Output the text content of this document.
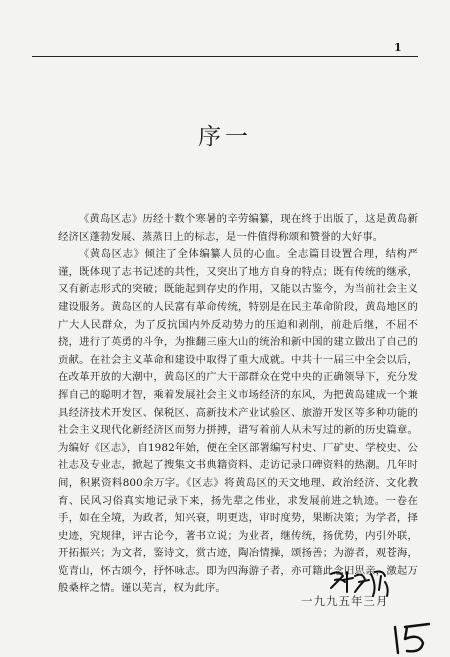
1
序一

《黄岛区志》历经十数个寒暑的辛劳编纂，现在终于出版了，这是黄岛新经济区蓬勃发展、蒸蒸日上的标志，是一件值得称颂和赞誉的大好事。

《黄岛区志》倾注了全体编纂人员的心血。全志篇目设置合理，结构严谨，既体现了志书记述的共性，又突出了地方自身的特点；既有传统的继承，又有新志形式的突破；既能起到存史的作用，又能以古鉴今，为当前社会主义建设服务。黄岛区的人民富有革命传统，特别是在民主革命阶段，黄岛地区的广大人民群众，为了反抗国内外反动势力的压迫和剥削，前赴后继，不屈不挠，进行了英勇的斗争，为推翻三座大山的统治和新中国的建立做出了自己的贡献。在社会主义革命和建设中取得了重大成就。中共十一届三中全会以后，在改革开放的大潮中，黄岛区的广大干部群众在党中央的正确领导下，充分发挥自己的聪明才智，乘着发展社会主义市场经济的东风，为把黄岛建成一个兼具经济技术开发区、保税区、高新技术产业试验区、旅游开发区等多种功能的社会主义现代化新经济区而努力拼搏，谱写着前人从未写过的新的历史篇章。为编好《区志》，自1982年始，便在全区部署编写村史、厂矿史、学校史、公社志及专业志，掀起了搜集文书典籍资料、走访记录口碑资料的热潮。几年时间，积累资料800余万字。《区志》将黄岛区的天文地理、政治经济、文化教育、民风习俗真实地记录下来，扬先辈之伟业，求发展前进之轨迹。一卷在手，如在全境，为政者，知兴衰，明更迭，审时度势，果断决策；为学者，择史迹，究规律，评古论今，著书立说；为业者，继传统，扬优势，内引外联，开拓振兴；为文者，鉴诗文，赏古迹，陶冶情操，颂扬善；为游者，观苍海，览青山，怀古颂今，抒怀咏志。即为四海游子者，亦可籍此念旧思亲，激起万般桑梓之情。谨以芜言，权为此序。

一九九五年三月
